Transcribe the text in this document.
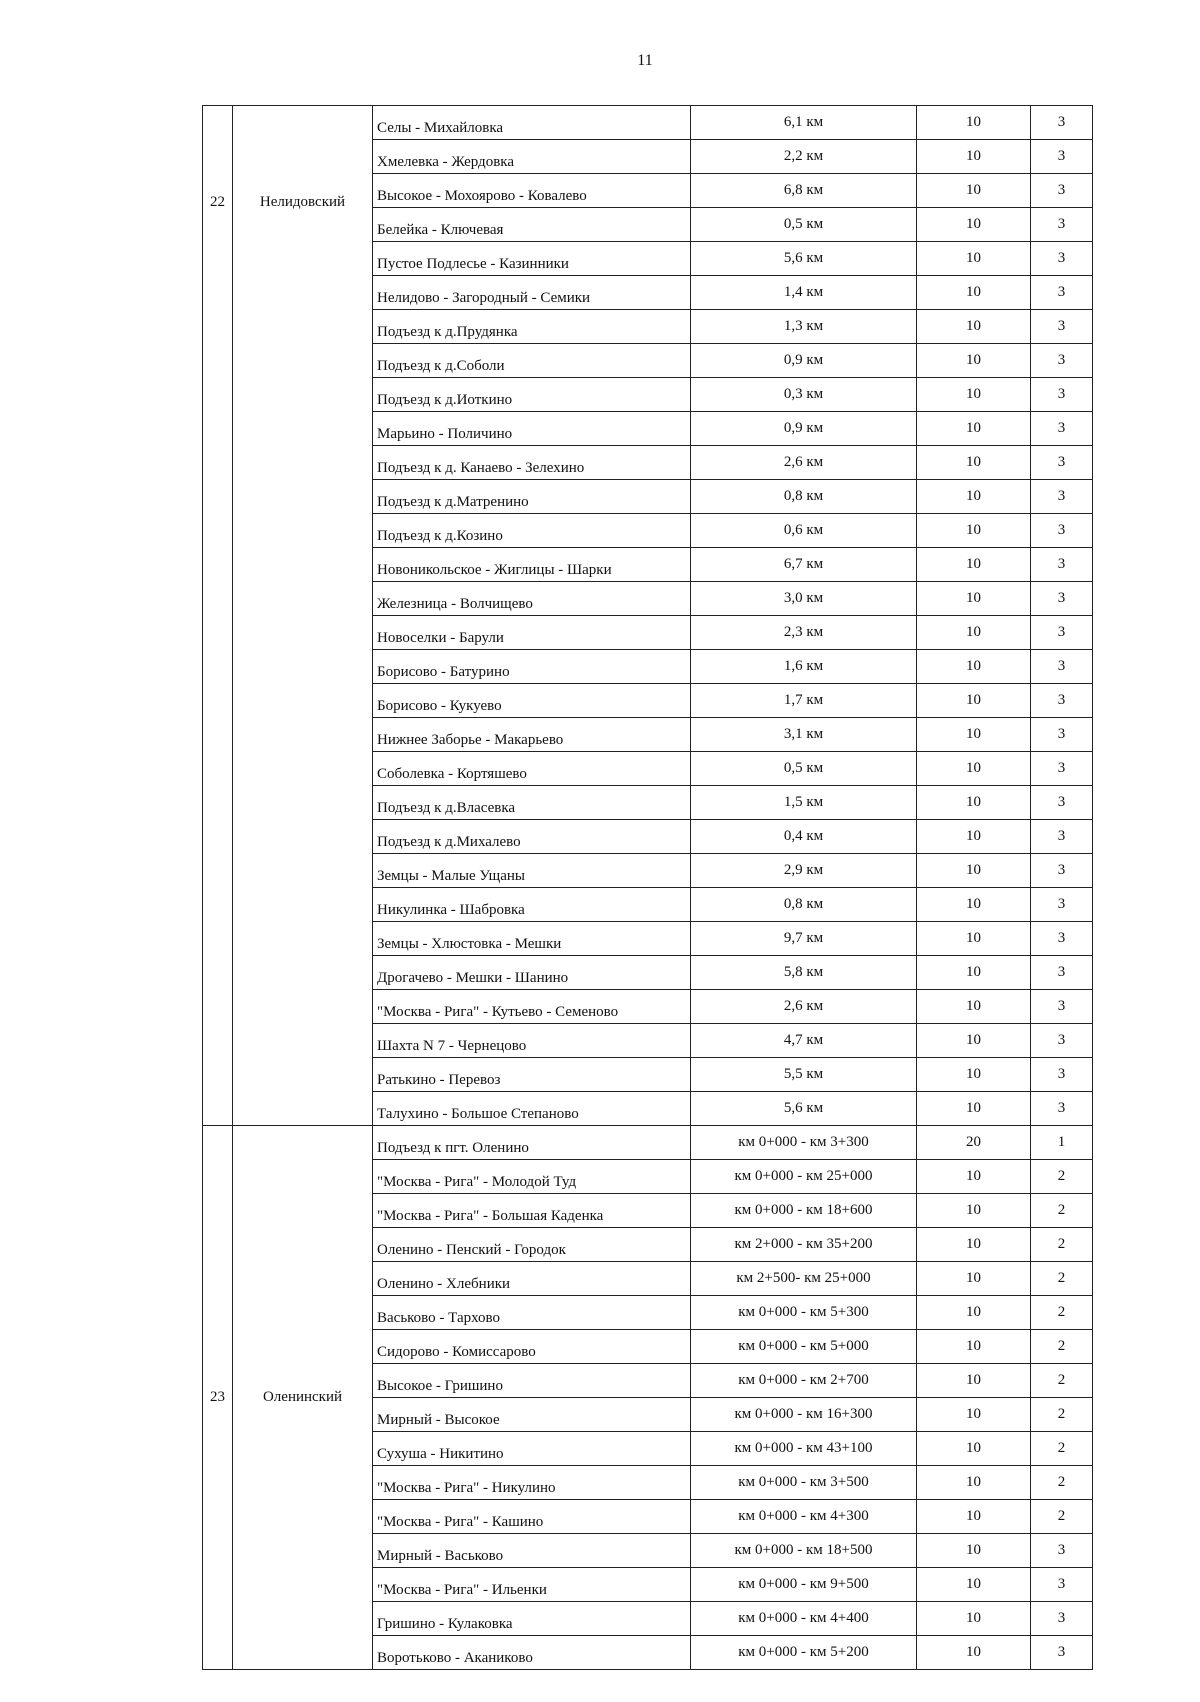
11
22	Нелидовский	Селы - Михайловка	6,1 км	10	3
		Хмелевка - Жердовка	2,2 км	10	3
		Высокое - Мохоярово - Ковалево	6,8 км	10	3
		Белейка - Ключевая	0,5 км	10	3
		Пустое Подлесье - Казинники	5,6 км	10	3
		Нелидово - Загородный - Семики	1,4 км	10	3
		Подъезд к д.Прудянка	1,3 км	10	3
		Подъезд к д.Соболи	0,9 км	10	3
		Подъезд к д.Иоткино	0,3 км	10	3
		Марьино - Поличино	0,9 км	10	3
		Подъезд к д. Канаево - Зелехино	2,6 км	10	3
		Подъезд к д.Матренино	0,8 км	10	3
		Подъезд к д.Козино	0,6 км	10	3
		Новоникольское - Жиглицы - Шарки	6,7 км	10	3
		Железница - Волчищево	3,0 км	10	3
		Новоселки - Барули	2,3 км	10	3
		Борисово - Батурино	1,6 км	10	3
		Борисово - Кукуево	1,7 км	10	3
		Нижнее Заборье - Макарьево	3,1 км	10	3
		Соболевка - Кортяшево	0,5 км	10	3
		Подъезд к д.Власевка	1,5 км	10	3
		Подъезд к д.Михалево	0,4 км	10	3
		Земцы - Малые Ущаны	2,9 км	10	3
		Никулинка - Шабровка	0,8 км	10	3
		Земцы - Хлюстовка - Мешки	9,7 км	10	3
		Дрогачево - Мешки - Шанино	5,8 км	10	3
		"Москва - Рига" - Кутьево - Семеново	2,6 км	10	3
		Шахта N 7 - Чернецово	4,7 км	10	3
		Ратькино - Перевоз	5,5 км	10	3
		Талухино - Большое Степаново	5,6 км	10	3
23	Оленинский	Подъезд к пгт. Оленино	км 0+000 - км 3+300	20	1
		"Москва - Рига" - Молодой Туд	км 0+000 - км 25+000	10	2
		"Москва - Рига" - Большая Каденка	км 0+000 - км 18+600	10	2
		Оленино - Пенский - Городок	км 2+000 - км 35+200	10	2
		Оленино - Хлебники	км 2+500- км 25+000	10	2
		Васьково - Тархово	км 0+000 - км 5+300	10	2
		Сидорово - Комиссарово	км 0+000 - км 5+000	10	2
		Высокое - Гришино	км 0+000 - км 2+700	10	2
		Мирный - Высокое	км 0+000 - км 16+300	10	2
		Сухуша - Никитино	км 0+000 - км 43+100	10	2
		"Москва - Рига" - Никулино	км 0+000 - км 3+500	10	2
		"Москва - Рига" - Кашино	км 0+000 - км 4+300	10	2
		Мирный - Васьково	км 0+000 - км 18+500	10	3
		"Москва - Рига" - Ильенки	км 0+000 - км 9+500	10	3
		Гришино - Кулаковка	км 0+000 - км 4+400	10	3
		Воротьково - Аканиково	км 0+000 - км 5+200	10	3
